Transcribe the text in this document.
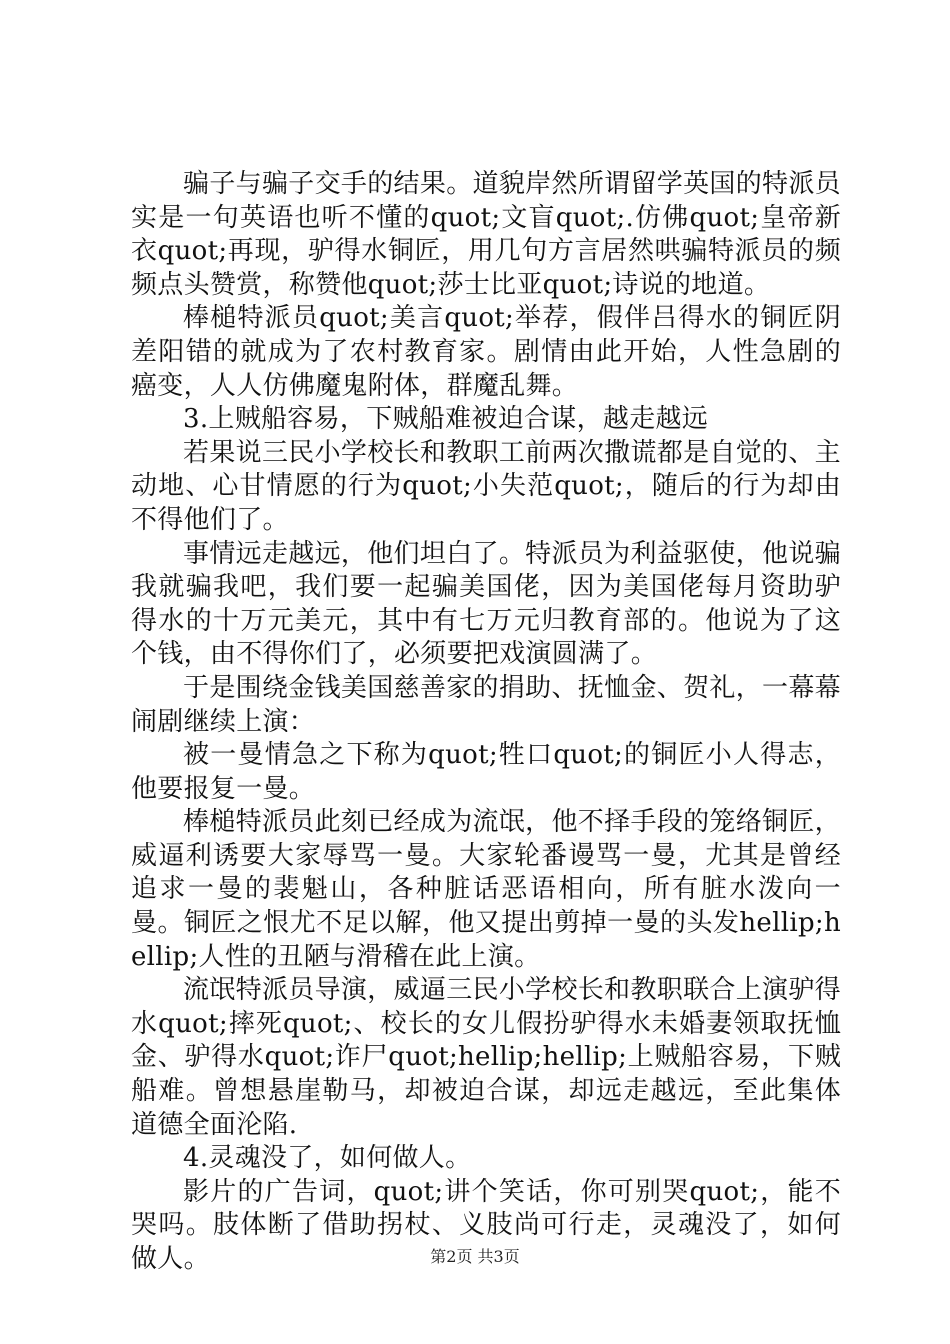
骗子与骗子交手的结果。道貌岸然所谓留学英国的特派员实是一句英语也听不懂的quot;文盲quot;.仿佛quot;皇帝新衣quot;再现，驴得水铜匠，用几句方言居然哄骗特派员的频频点头赞赏，称赞他quot;莎士比亚quot;诗说的地道。

棒槌特派员quot;美言quot;举荐，假伴吕得水的铜匠阴差阳错的就成为了农村教育家。剧情由此开始，人性急剧的癌变，人人仿佛魔鬼附体，群魔乱舞。

3.上贼船容易，下贼船难被迫合谋，越走越远

若果说三民小学校长和教职工前两次撒谎都是自觉的、主动地、心甘情愿的行为quot;小失范quot;，随后的行为却由不得他们了。

事情远走越远，他们坦白了。特派员为利益驱使，他说骗我就骗我吧，我们要一起骗美国佬，因为美国佬每月资助驴得水的十万元美元，其中有七万元归教育部的。他说为了这个钱，由不得你们了，必须要把戏演圆满了。

于是围绕金钱美国慈善家的捐助、抚恤金、贺礼，一幕幕闹剧继续上演：

被一曼情急之下称为quot;牲口quot;的铜匠小人得志，他要报复一曼。

棒槌特派员此刻已经成为流氓，他不择手段的笼络铜匠，威逼利诱要大家辱骂一曼。大家轮番谩骂一曼，尤其是曾经追求一曼的裴魁山，各种脏话恶语相向，所有脏水泼向一曼。铜匠之恨尤不足以解，他又提出剪掉一曼的头发hellip;hellip;人性的丑陋与滑稽在此上演。

流氓特派员导演，威逼三民小学校长和教职联合上演驴得水quot;摔死quot;、校长的女儿假扮驴得水未婚妻领取抚恤金、驴得水quot;诈尸quot;hellip;hellip;上贼船容易，下贼船难。曾想悬崖勒马，却被迫合谋，却远走越远，至此集体道德全面沦陷.

4.灵魂没了，如何做人。

影片的广告词，quot;讲个笑话，你可别哭quot;，能不哭吗。肢体断了借助拐杖、义肢尚可行走，灵魂没了，如何做人。	第2页 共3页
